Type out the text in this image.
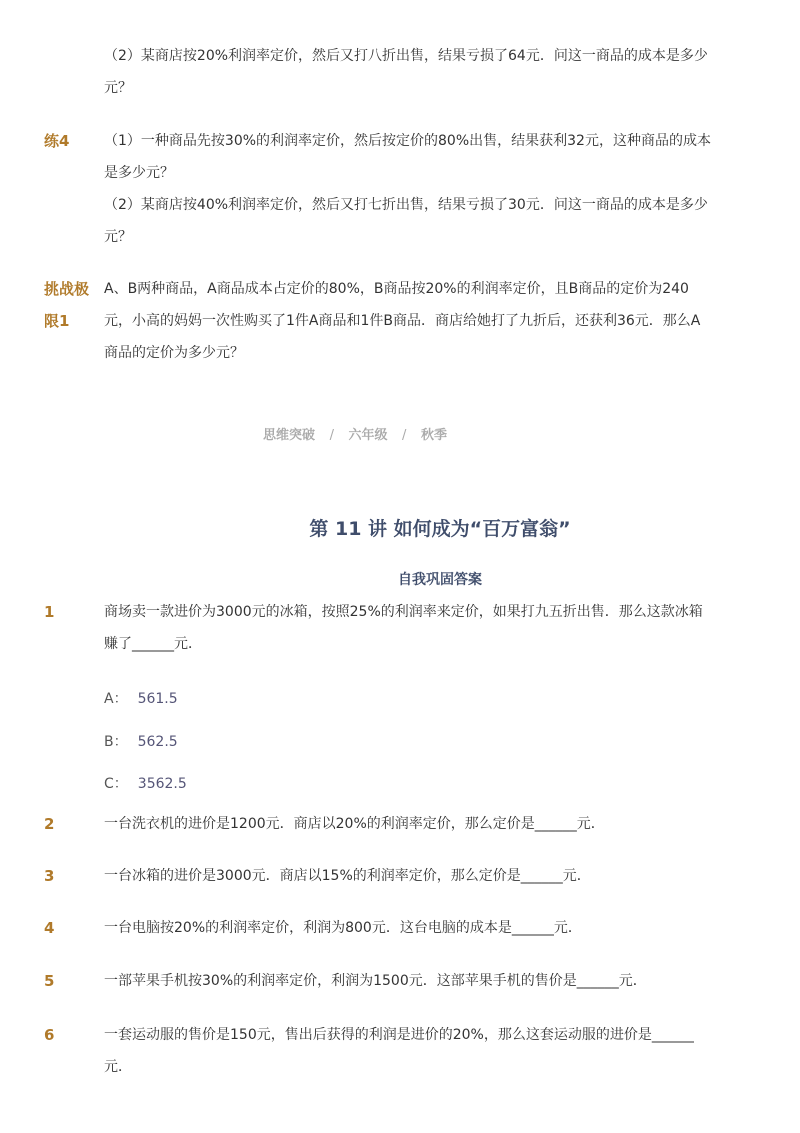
（2）某商店按20%利润率定价，然后又打八折出售，结果亏损了64元．问这一商品的成本是多少
元？
练4 （1）一种商品先按30%的利润率定价，然后按定价的80%出售，结果获利32元，这种商品的成本
是多少元？
（2）某商店按40%利润率定价，然后又打七折出售，结果亏损了30元．问这一商品的成本是多少
元？
挑战极
限1
A、B两种商品，A商品成本占定价的80%，B商品按20%的利润率定价，且B商品的定价为240
元，小高的妈妈一次性购买了1件A商品和1件B商品．商店给她打了九折后，还获利36元．那么A
商品的定价为多少元？
思维突破 / 六年级 / 秋季
第 11 讲 如何成为“百万富翁”
自我巩固答案
1	商场卖一款进价为3000元的冰箱，按照25%的利润率来定价，如果打九五折出售．那么这款冰箱
赚了______元．
A： 561.5
B： 562.5
C： 3562.5
2	一台洗衣机的进价是1200元．商店以20%的利润率定价，那么定价是______元．
3	一台冰箱的进价是3000元．商店以15%的利润率定价，那么定价是______元．
4	一台电脑按20%的利润率定价，利润为800元．这台电脑的成本是______元．
5	一部苹果手机按30%的利润率定价，利润为1500元．这部苹果手机的售价是______元．
6	一套运动服的售价是150元，售出后获得的利润是进价的20%，那么这套运动服的进价是______
元．
